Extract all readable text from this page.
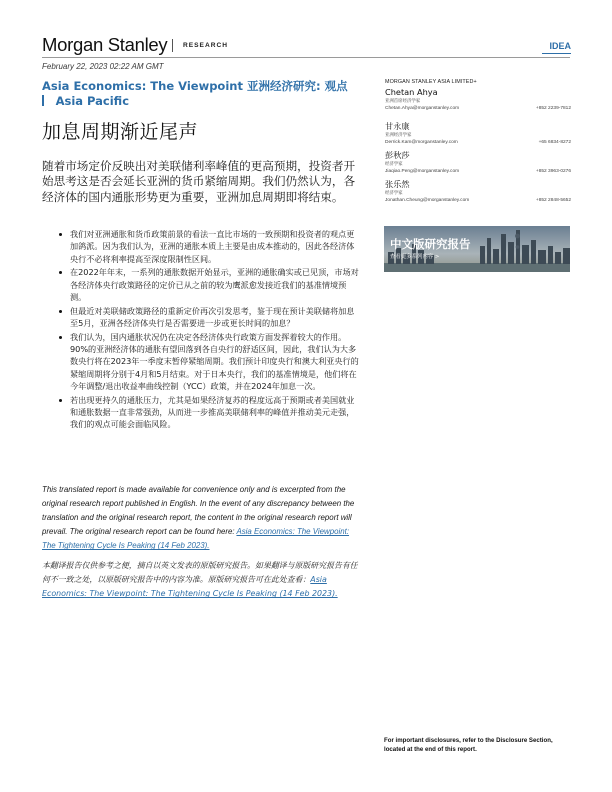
Morgan Stanley RESEARCH	IDEA
February 22, 2023 02:22 AM GMT
Asia Economics: The Viewpoint 亚洲经济研究: 观点
Asia Pacific
加息周期渐近尾声
随着市场定价反映出对美联储利率峰值的更高预期，投资者开始思考这是否会延长亚洲的货币紧缩周期。我们仍然认为，各经济体的国内通胀形势更为重要，亚洲加息周期即将结束。
我们对亚洲通胀和货币政策前景的看法一直比市场的一致预期和投资者的观点更加鸽派。因为我们认为，亚洲的通胀本质上主要是由成本推动的，因此各经济体央行不必将利率提高至深度限制性区间。
在2022年年末，一系列的通胀数据开始显示，亚洲的通胀确实或已见顶，市场对各经济体央行政策路径的定价已从之前的较为鹰派愈发接近我们的基准情境预测。
但最近对美联储政策路径的重新定价再次引发思考，鉴于现在预计美联储将加息至5月，亚洲各经济体央行是否需要进一步或更长时间的加息？
我们认为，国内通胀状况仍在决定各经济体央行政策方面发挥着较大的作用。90%的亚洲经济体的通胀有望回落到各自央行的舒适区间，因此，我们认为大多数央行将在2023年一季度末暂停紧缩周期。我们预计印度央行和澳大利亚央行的紧缩周期将分别于4月和5月结束。对于日本央行，我们的基准情境是，他们将在今年调整/退出收益率曲线控制（YCC）政策，并在2024年加息一次。
若出现更持久的通胀压力，尤其是如果经济复苏的程度远高于预期或者美国就业和通胀数据一直非常强劲，从而进一步推高美联储利率的峰值并推动美元走强，我们的观点可能会面临风险。
This translated report is made available for convenience only and is excerpted from the original research report published in English. In the event of any discrepancy between the translation and the original research report, the content in the original research report will prevail. The original research report can be found here: Asia Economics: The Viewpoint: The Tightening Cycle Is Peaking (14 Feb 2023).
本翻译报告仅供参考之便，摘自以英文发表的原版研究报告。如果翻译与原版研究报告有任何不一致之处，以原版研究报告中的内容为准。原版研究报告可在此处查看：Asia Economics: The Viewpoint: The Tightening Cycle Is Peaking (14 Feb 2023).
MORGAN STANLEY ASIA LIMITED+
Chetan Ahya
亚洲首席经济学家
Chetan.Ahya@morganstanley.com	+852 2239-7812
甘永康
亚洲经济学家
Derrick.Kam@morganstanley.com	+65 6834-8272
彭秋莎
经济学家
Jiaqiao.Peng@morganstanley.com	+852 3963-0276
张乐然
经济学家
Jonathan.Cheung@morganstanley.com	+852 2848-5652
中文版研究报告
查看更多系列内容 >
For important disclosures, refer to the Disclosure Section, located at the end of this report.
